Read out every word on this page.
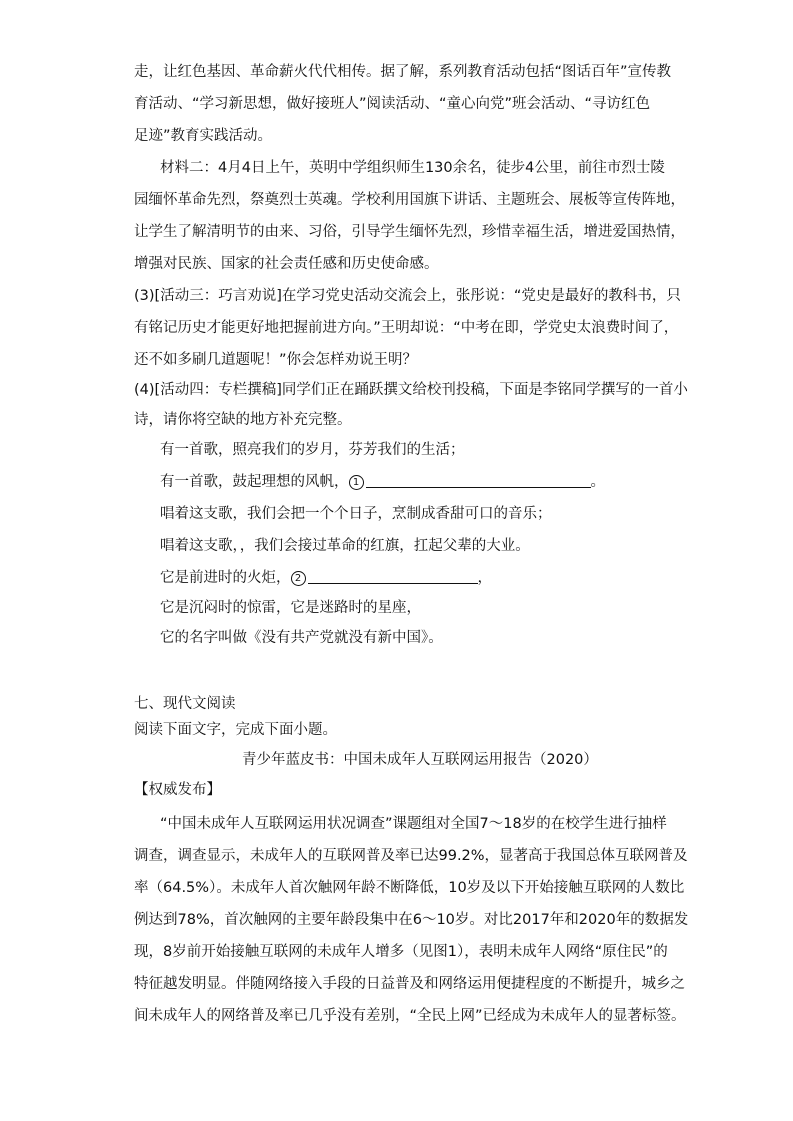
走，让红色基因、革命薪火代代相传。据了解，系列教育活动包括“图话百年”宣传教
育活动、“学习新思想，做好接班人”阅读活动、“童心向党”班会活动、“寻访红色
足迹”教育实践活动。
材料二：4月4日上午，英明中学组织师生130余名，徒步4公里，前往市烈士陵
园缅怀革命先烈，祭奠烈士英魂。学校利用国旗下讲话、主题班会、展板等宣传阵地，
让学生了解清明节的由来、习俗，引导学生缅怀先烈，珍惜幸福生活，增进爱国热情，
增强对民族、国家的社会责任感和历史使命感。
(3)[活动三：巧言劝说]在学习党史活动交流会上，张彤说：“党史是最好的教科书，只
有铭记历史才能更好地把握前进方向。”王明却说：“中考在即，学党史太浪费时间了，
还不如多刷几道题呢！”你会怎样劝说王明？
(4)[活动四：专栏撰稿]同学们正在踊跃撰文给校刊投稿，下面是李铭同学撰写的一首小
诗，请你将空缺的地方补充完整。
有一首歌，照亮我们的岁月，芬芳我们的生活；
有一首歌，鼓起理想的风帆， 1	。
唱着这支歌，我们会把一个个日子，烹制成香甜可口的音乐；
唱着这支歌，，我们会接过革命的红旗，扛起父辈的大业。
它是前进时的火炬， 2	，
它是沉闷时的惊雷，它是迷路时的星座，
它的名字叫做《没有共产党就没有新中国》。
七、现代文阅读
阅读下面文字，完成下面小题。
青少年蓝皮书：中国未成年人互联网运用报告（2020）
【权威发布】
“中国未成年人互联网运用状况调查”课题组对全国7～18岁的在校学生进行抽样
调查，调查显示，未成年人的互联网普及率已达99.2%，显著高于我国总体互联网普及
率（64.5%）。未成年人首次触网年龄不断降低，10岁及以下开始接触互联网的人数比
例达到78%，首次触网的主要年龄段集中在6～10岁。对比2017年和2020年的数据发
现，8岁前开始接触互联网的未成年人增多（见图1），表明未成年人网络“原住民”的
特征越发明显。伴随网络接入手段的日益普及和网络运用便捷程度的不断提升，城乡之
间未成年人的网络普及率已几乎没有差别，“全民上网”已经成为未成年人的显著标签。
